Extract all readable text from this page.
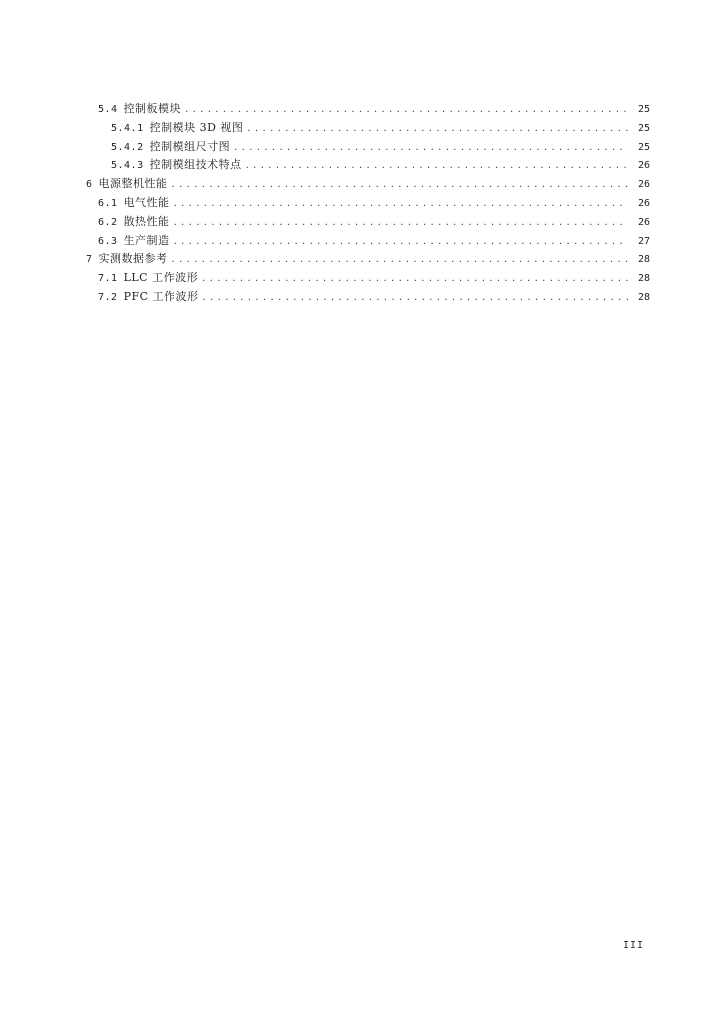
5.4 控制板模块 . . .	25
5.4.1 控制模块 3D 视图 . . .	25
5.4.2 控制模组尺寸图 . . .	25
5.4.3 控制模组技术特点 . . .	26
6 电源整机性能 . . .	26
6.1 电气性能 . . .	26
6.2 散热性能 . . .	26
6.3 生产制造 . . .	27
7 实测数据参考 . . .	28
7.1 LLC 工作波形 . . .	28
7.2 PFC 工作波形 . . .	28
III
